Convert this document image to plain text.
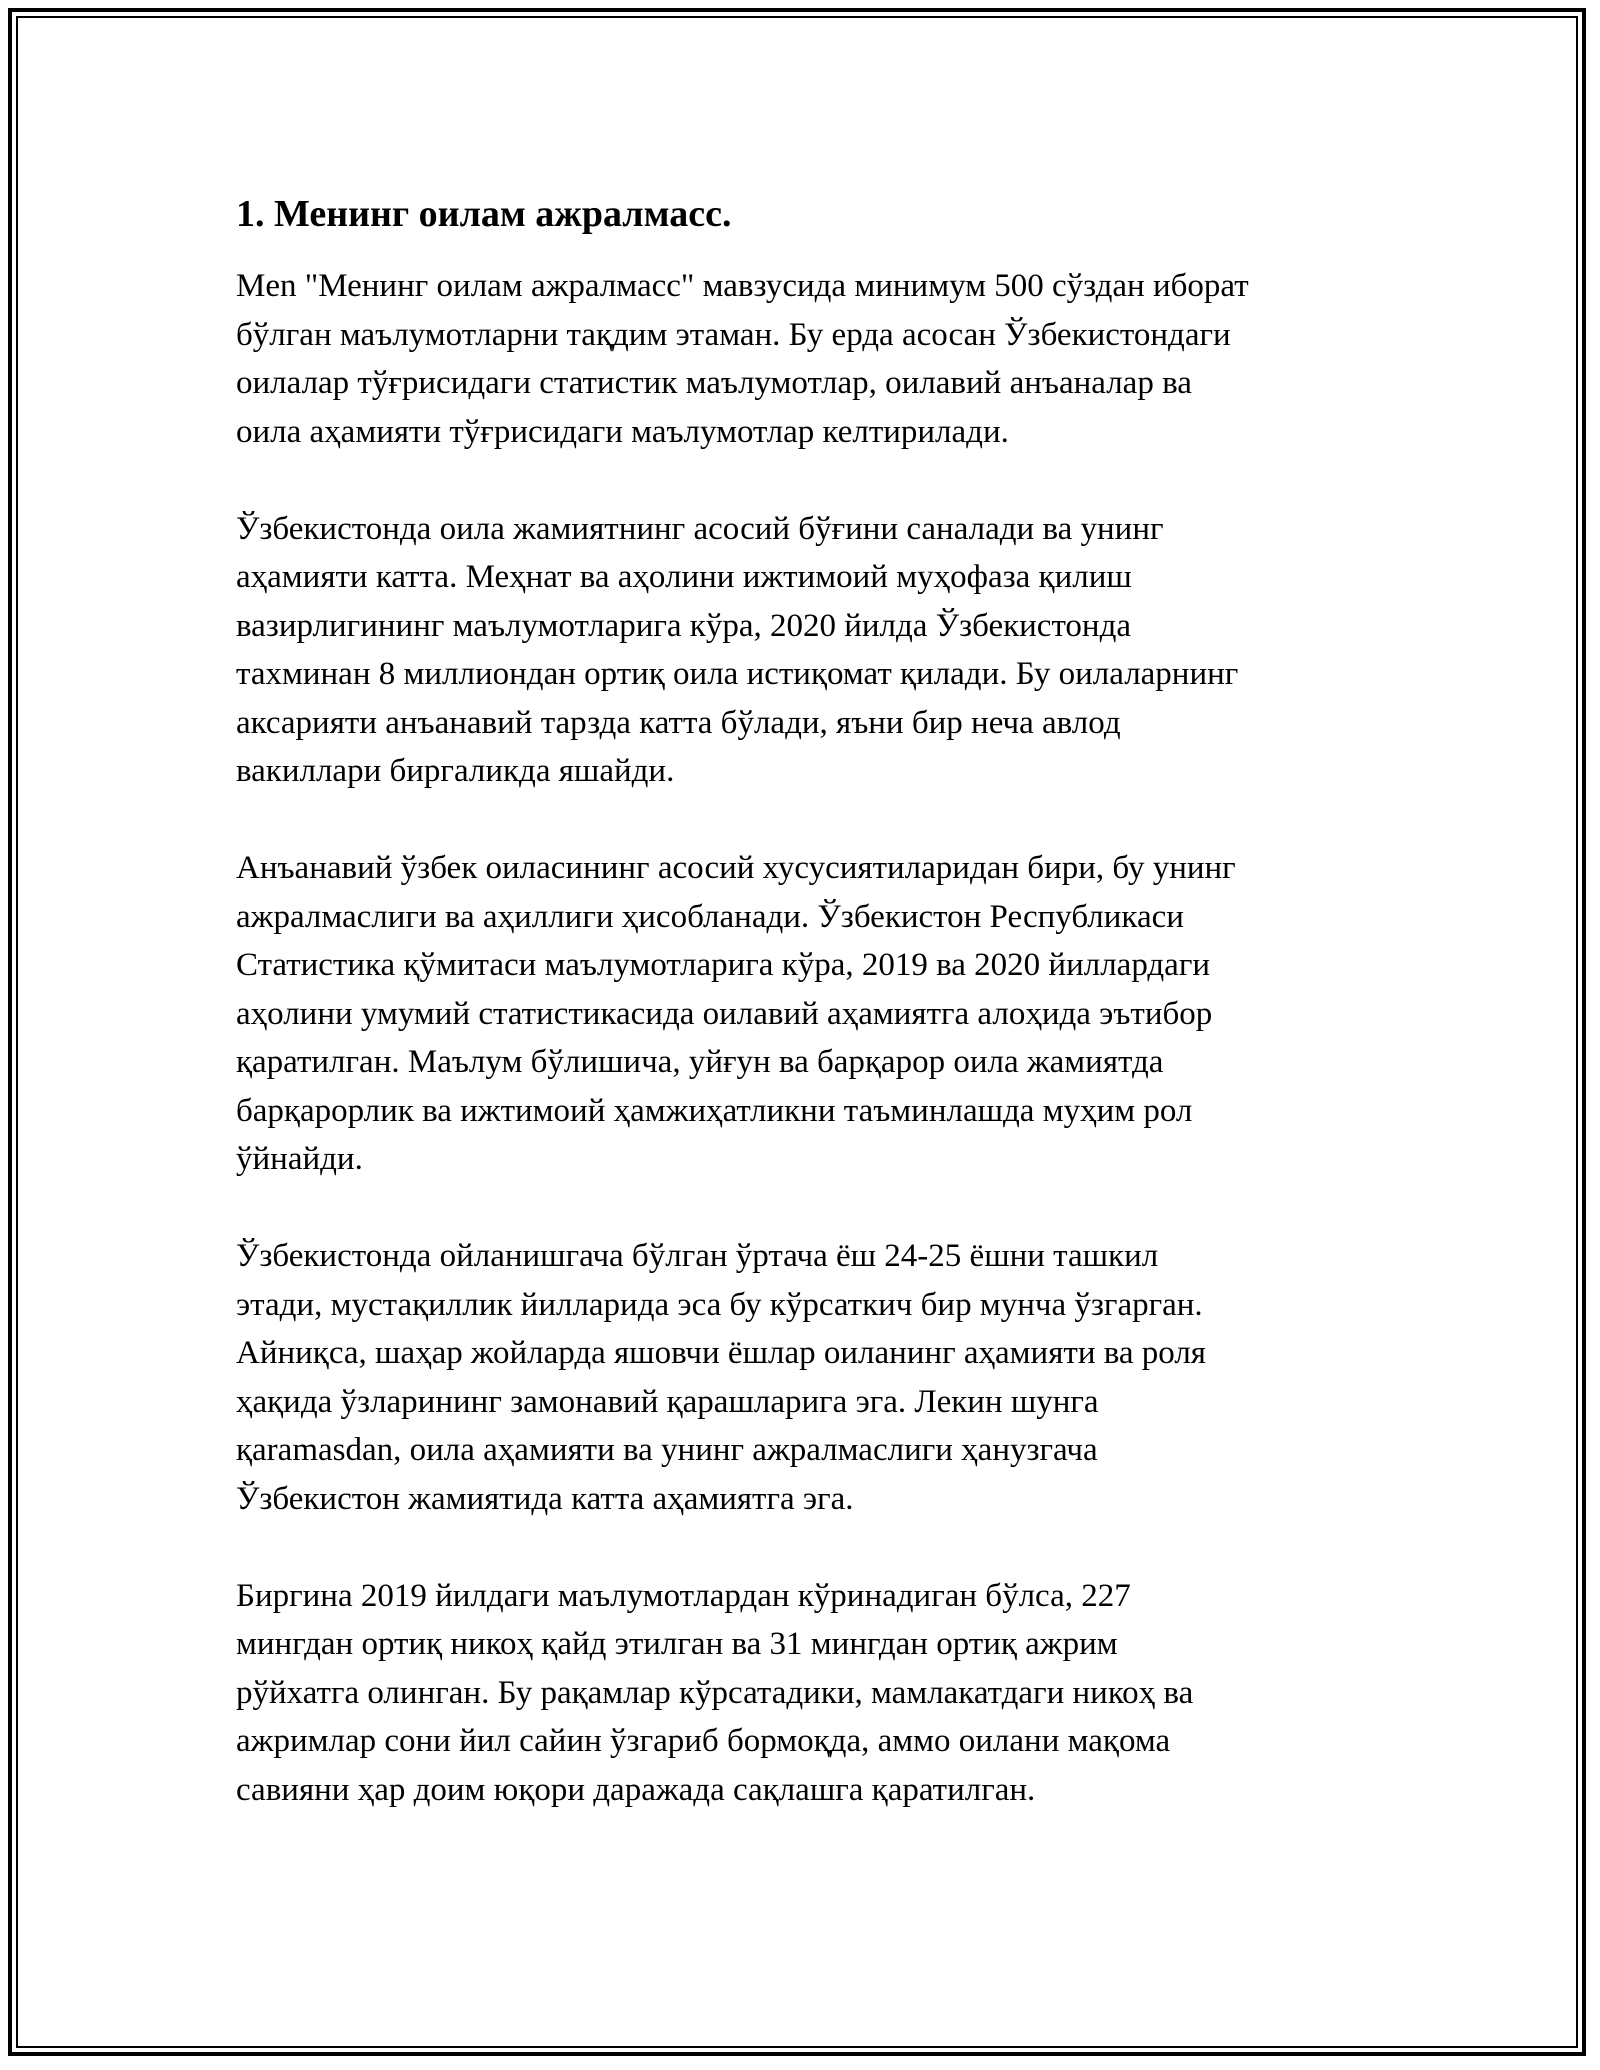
1. Менинг оилам ажралмасс.

Men "Менинг оилам ажралмасс" мавзусида минимум 500 сўздан иборат
бўлган маълумотларни тақдим этаман. Бу ерда асосан Ўзбекистондаги
оилалар тўғрисидаги статистик маълумотлар, оилавий анъаналар ва
оила аҳамияти тўғрисидаги маълумотлар келтирилади.

Ўзбекистонда оила жамиятнинг асосий бўғини саналади ва унинг
аҳамияти катта. Меҳнат ва аҳолини ижтимоий муҳофаза қилиш
вазирлигининг маълумотларига кўра, 2020 йилда Ўзбекистонда
тахминан 8 миллиондан ортиқ оила истиқомат қилади. Бу оилаларнинг
аксарияти анъанавий тарзда катта бўлади, яъни бир неча авлод
вакиллари биргаликда яшайди.

Анъанавий ўзбек оиласининг асосий хусусиятиларидан бири, бу унинг
ажралмаслиги ва аҳиллиги ҳисобланади. Ўзбекистон Республикаси
Статистика қўмитаси маълумотларига кўра, 2019 ва 2020 йиллардаги
аҳолини умумий статистикасида оилавий аҳамиятга алоҳида эътибор
қаратилган. Маълум бўлишича, уйғун ва барқарор оила жамиятда
барқарорлик ва ижтимоий ҳамжиҳатликни таъминлашда муҳим рол
ўйнайди.

Ўзбекистонда ойланишгача бўлган ўртача ёш 24-25 ёшни ташкил
этади, мустақиллик йилларида эса бу кўрсаткич бир мунча ўзгарган.
Айниқса, шаҳар жойларда яшовчи ёшлар оиланинг аҳамияти ва роля
ҳақида ўзларининг замонавий қарашларига эга. Лекин шунга
қaramasdan, оила аҳамияти ва унинг ажралмаслиги ҳанузгача
Ўзбекистон жамиятида катта аҳамиятга эга.

Биргина 2019 йилдаги маълумотлардан кўринадиган бўлса, 227
мингдан ортиқ никоҳ қайд этилган ва 31 мингдан ортиқ ажрим
рўйхатга олинган. Бу рақамлар кўрсатадики, мамлакатдаги никоҳ ва
ажримлар сони йил сайин ўзгариб бормоқда, аммо оилани мақома
савияни ҳар доим юқори даражада сақлашга қаратилган.
